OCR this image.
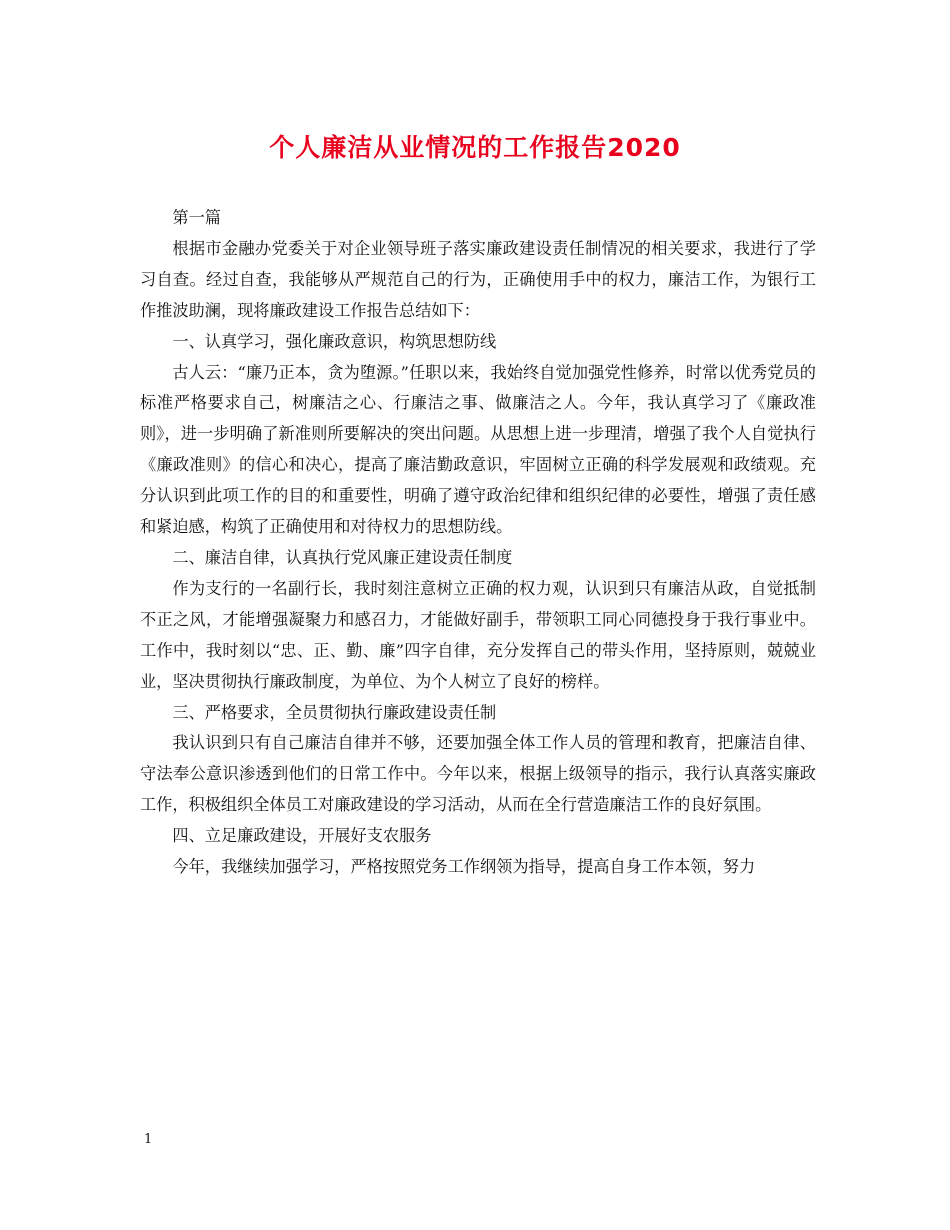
个人廉洁从业情况的工作报告2020

第一篇

根据市金融办党委关于对企业领导班子落实廉政建设责任制情况的相关要求，我进行了学习自查。经过自查，我能够从严规范自己的行为，正确使用手中的权力，廉洁工作，为银行工作推波助澜，现将廉政建设工作报告总结如下：

一、认真学习，强化廉政意识，构筑思想防线

古人云：“廉乃正本，贪为堕源。”任职以来，我始终自觉加强党性修养，时常以优秀党员的标准严格要求自己，树廉洁之心、行廉洁之事、做廉洁之人。今年，我认真学习了《廉政准则》，进一步明确了新准则所要解决的突出问题。从思想上进一步理清，增强了我个人自觉执行《廉政准则》的信心和决心，提高了廉洁勤政意识，牢固树立正确的科学发展观和政绩观。充分认识到此项工作的目的和重要性，明确了遵守政治纪律和组织纪律的必要性，增强了责任感和紧迫感，构筑了正确使用和对待权力的思想防线。

二、廉洁自律，认真执行党风廉正建设责任制度

作为支行的一名副行长，我时刻注意树立正确的权力观，认识到只有廉洁从政，自觉抵制不正之风，才能增强凝聚力和感召力，才能做好副手，带领职工同心同德投身于我行事业中。工作中，我时刻以“忠、正、勤、廉”四字自律，充分发挥自己的带头作用，坚持原则，兢兢业业，坚决贯彻执行廉政制度，为单位、为个人树立了良好的榜样。

三、严格要求，全员贯彻执行廉政建设责任制

我认识到只有自己廉洁自律并不够，还要加强全体工作人员的管理和教育，把廉洁自律、守法奉公意识渗透到他们的日常工作中。今年以来，根据上级领导的指示，我行认真落实廉政工作，积极组织全体员工对廉政建设的学习活动，从而在全行营造廉洁工作的良好氛围。

四、立足廉政建设，开展好支农服务

今年，我继续加强学习，严格按照党务工作纲领为指导，提高自身工作本领，努力

1
